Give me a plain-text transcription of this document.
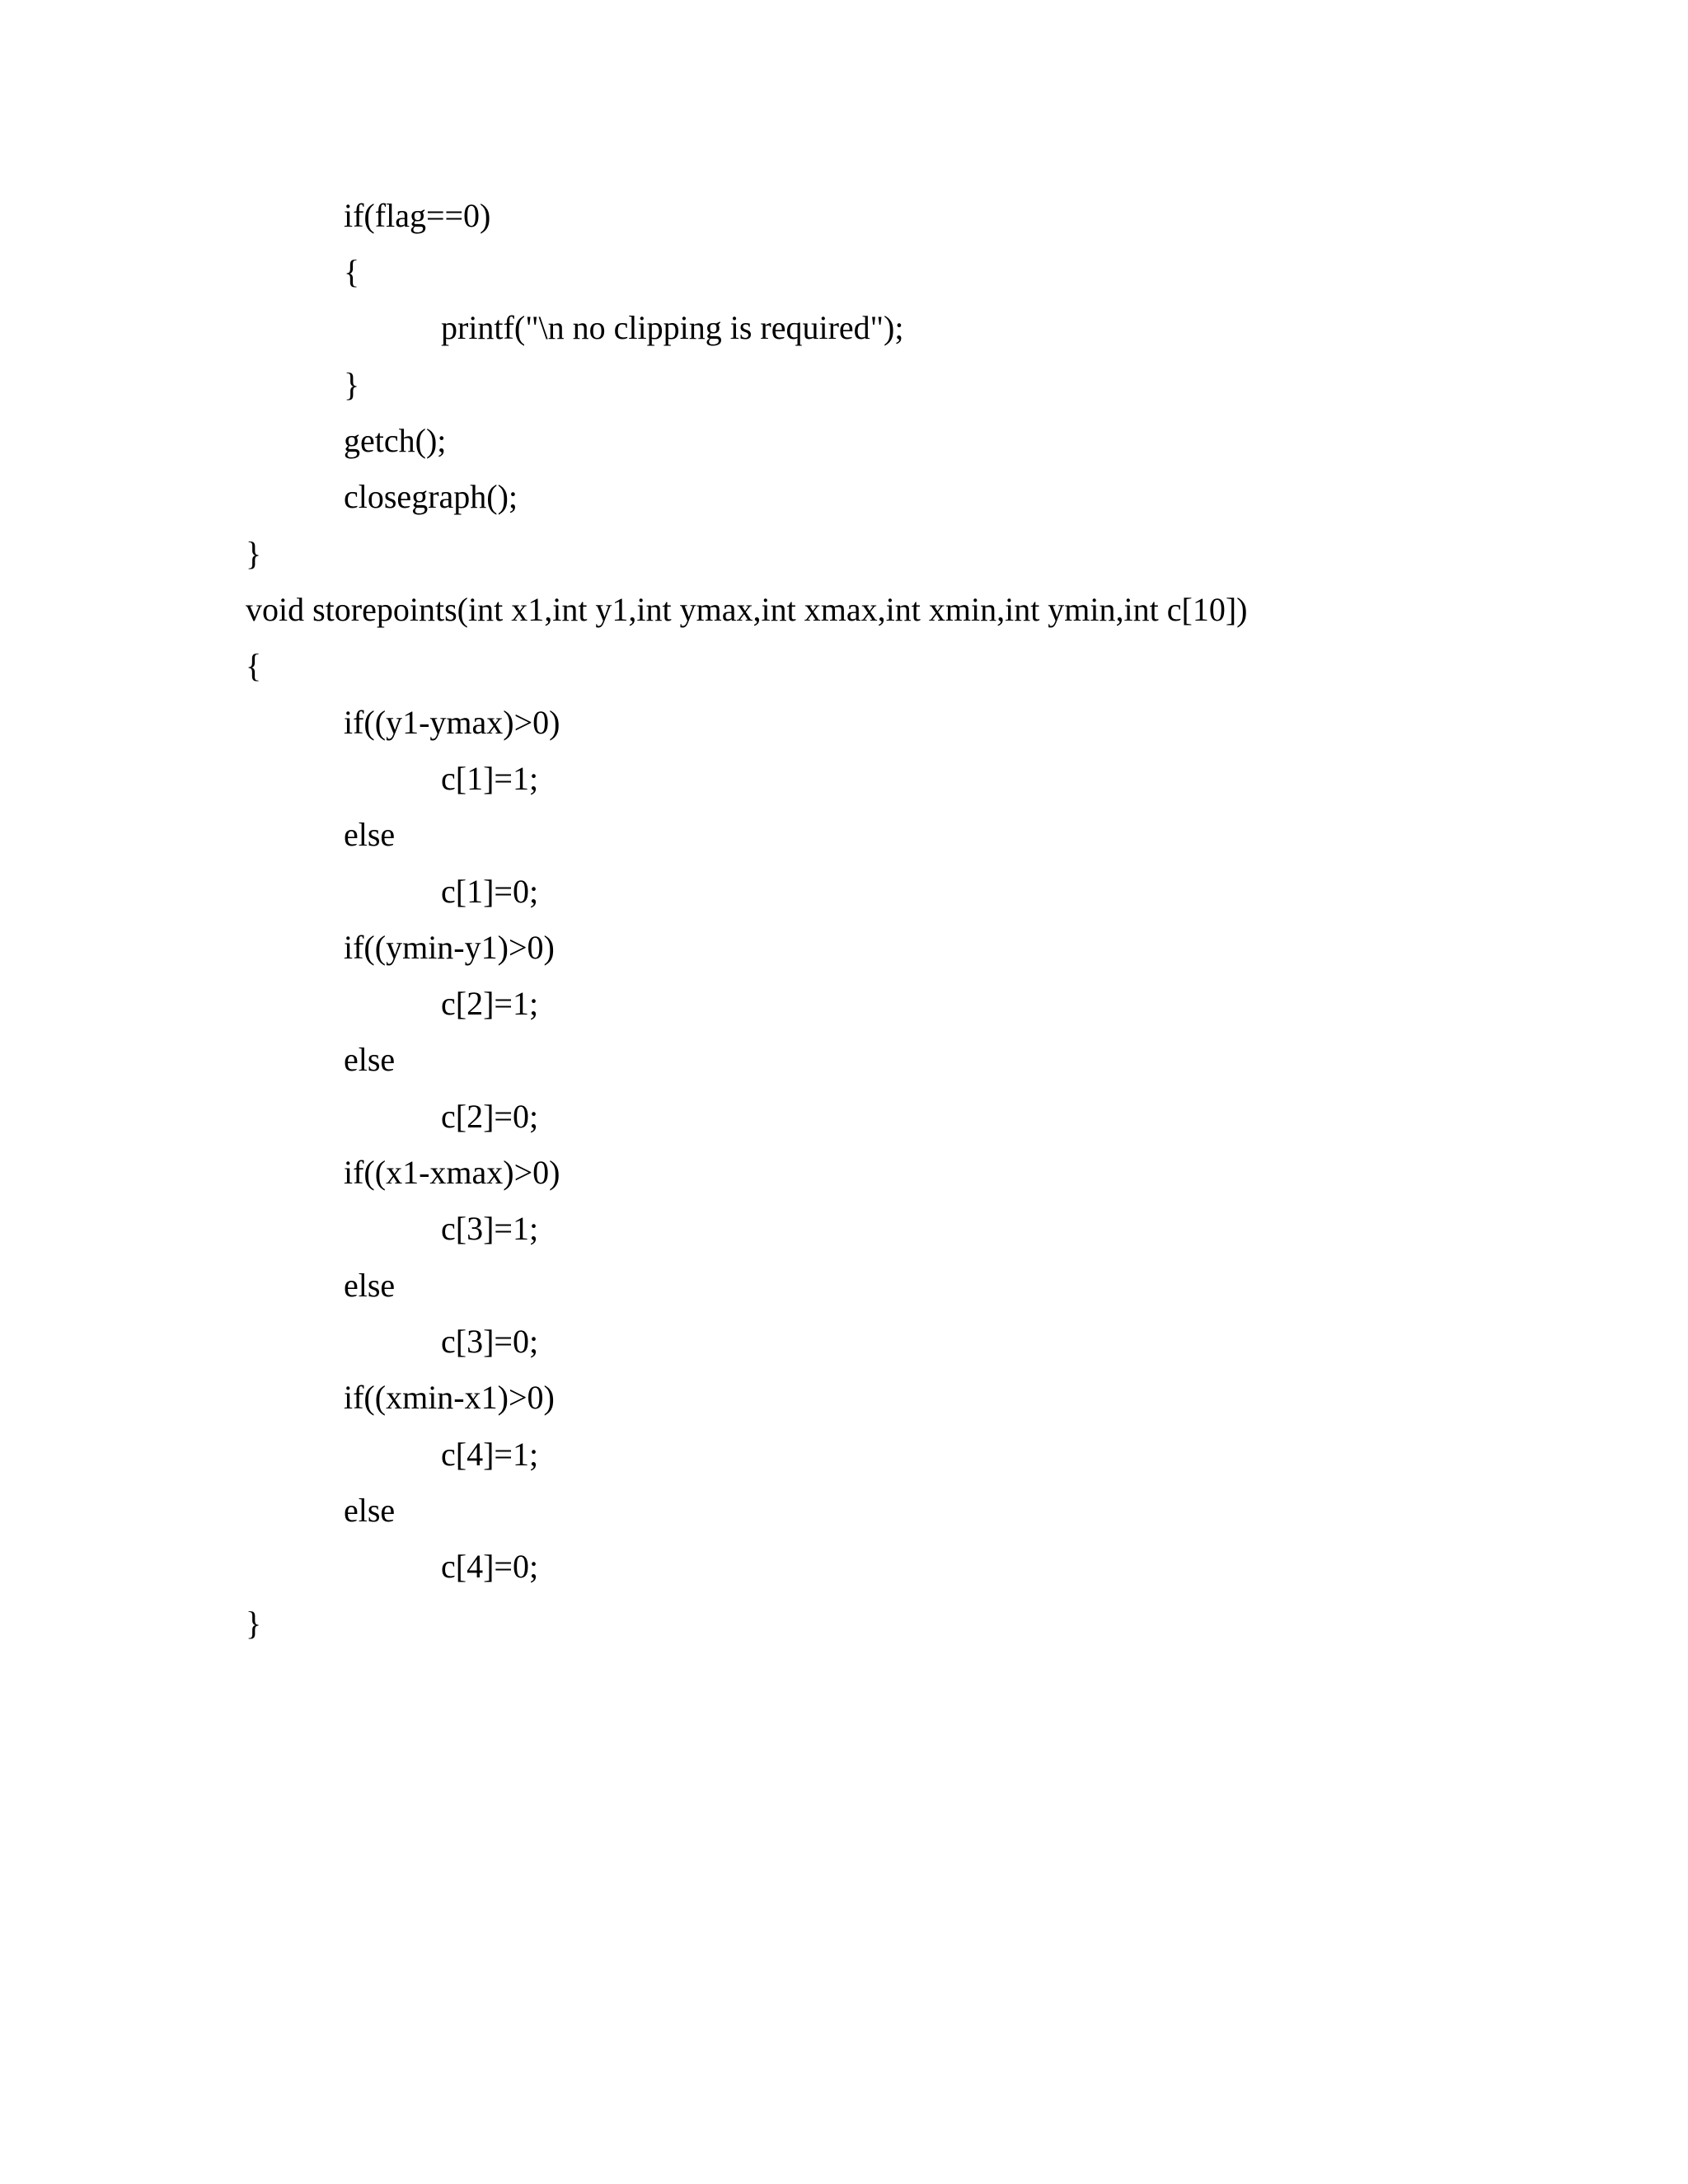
if(flag==0)
{
printf("\n no clipping is required");
}
getch();
closegraph();
}
void storepoints(int x1,int y1,int ymax,int xmax,int xmin,int ymin,int c[10])
{
if((y1-ymax)>0)
c[1]=1;
else
c[1]=0;
if((ymin-y1)>0)
c[2]=1;
else
c[2]=0;
if((x1-xmax)>0)
c[3]=1;
else
c[3]=0;
if((xmin-x1)>0)
c[4]=1;
else
c[4]=0;
}
